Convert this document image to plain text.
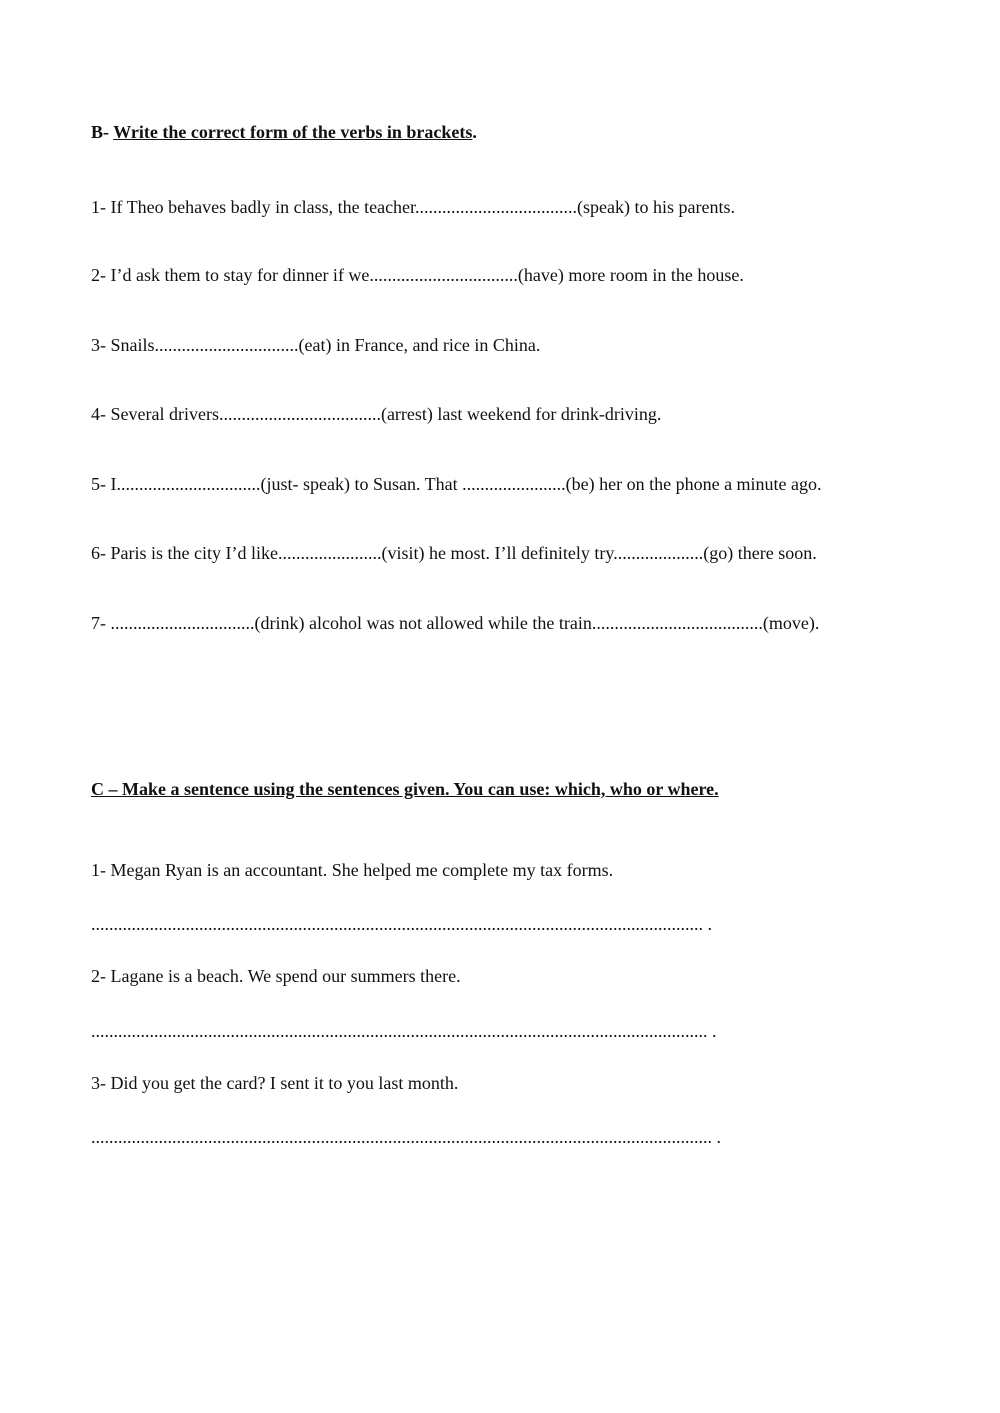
B- Write the correct form of the verbs in brackets.

1- If Theo behaves badly in class, the teacher....................................(speak) to his parents.

2- I’d ask them to stay for dinner if we.................................(have) more room in the house.

3- Snails................................(eat) in France, and rice in China.

4- Several drivers....................................(arrest) last weekend for drink-driving.

5- I................................(just- speak) to Susan. That .......................(be) her on the phone a minute ago.

6- Paris is the city I’d like.......................(visit) he most. I’ll definitely try....................(go) there soon.

7- ................................(drink) alcohol was not allowed while the train......................................(move).

C – Make a sentence using the sentences given. You can use: which, who or where.

1- Megan Ryan is an accountant. She helped me complete my tax forms.

........................................................................................................................................ .

2- Lagane is a beach. We spend our summers there.

......................................................................................................................................... .

3- Did you get the card? I sent it to you last month.

.......................................................................................................................................... .
